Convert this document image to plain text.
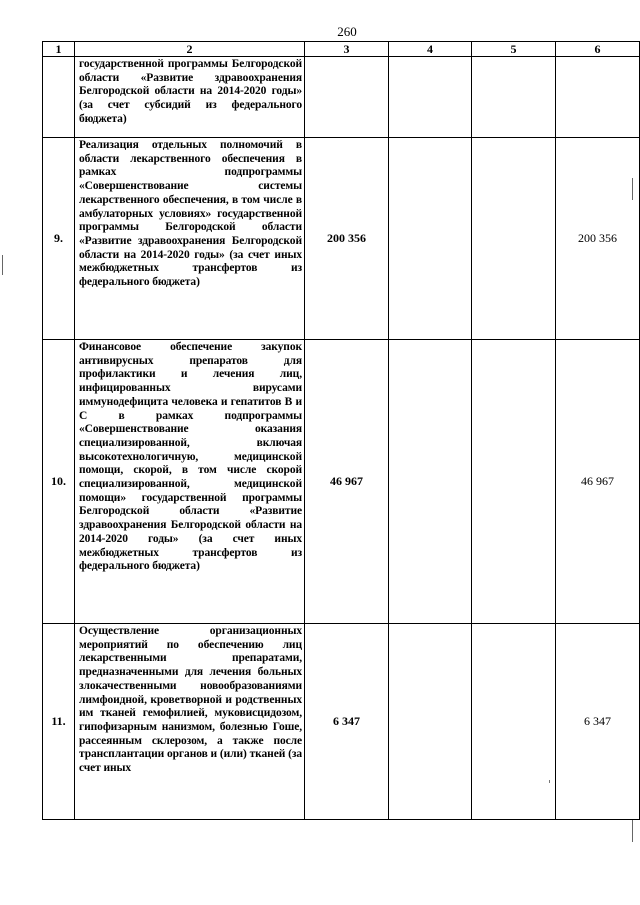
260
1	2	3	4	5	6
	государственной программы Белгородской области «Развитие здравоохранения Белгородской области на 2014-2020 годы» (за счет субсидий из федерального бюджета)				
9.	Реализация отдельных полномочий в области лекарственного обеспечения в рамках подпрограммы «Совершенствование системы лекарственного обеспечения, в том числе в амбулаторных условиях» государственной программы Белгородской области «Развитие здравоохранения Белгородской области на 2014-2020 годы» (за счет иных межбюджетных трансфертов из федерального бюджета)	200 356			200 356
10.	Финансовое обеспечение закупок антивирусных препаратов для профилактики и лечения лиц, инфицированных вирусами иммунодефицита человека и гепатитов В и С в рамках подпрограммы «Совершенствование оказания специализированной, включая высокотехнологичную, медицинской помощи, скорой, в том числе скорой специализированной, медицинской помощи» государственной программы Белгородской области «Развитие здравоохранения Белгородской области на 2014-2020 годы» (за счет иных межбюджетных трансфертов из федерального бюджета)	46 967			46 967
11.	Осуществление организационных мероприятий по обеспечению лиц лекарственными препаратами, предназначенными для лечения больных злокачественными новообразованиями лимфоидной, кроветворной и родственных им тканей гемофилией, муковисцидозом, гипофизарным нанизмом, болезнью Гоше, рассеянным склерозом, а также после трансплантации органов и (или) тканей (за счет иных	6 347			6 347
